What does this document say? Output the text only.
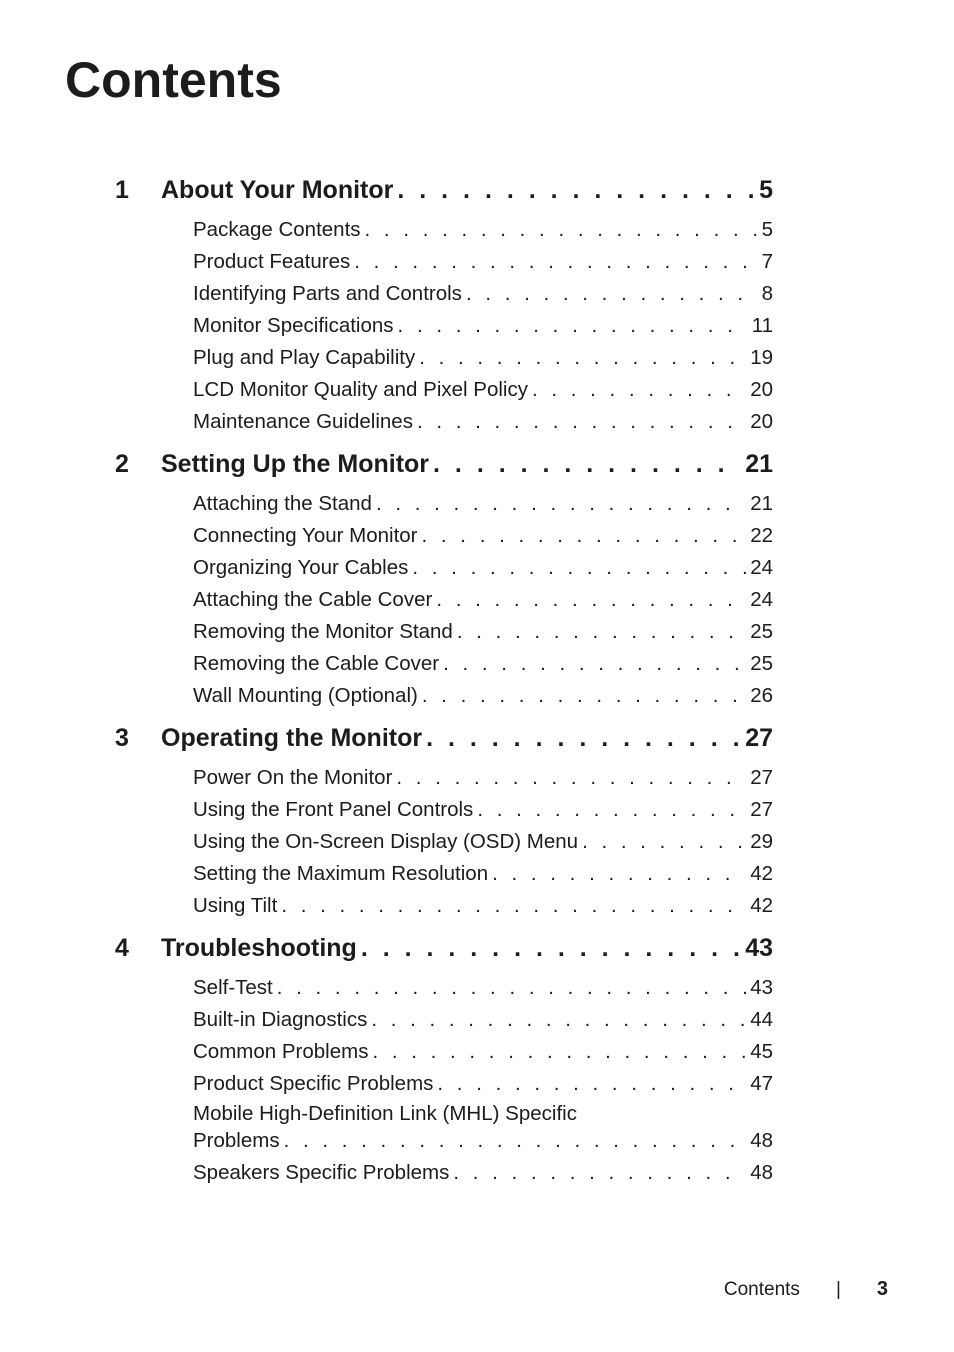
Contents
1	About Your Monitor . . .	5
Package Contents . . .	5
Product Features . . .	7
Identifying Parts and Controls . . .	8
Monitor Specifications . . .	11
Plug and Play Capability . . .	19
LCD Monitor Quality and Pixel Policy . . .	20
Maintenance Guidelines . . .	20
2	Setting Up the Monitor . . .	21
Attaching the Stand . . .	21
Connecting Your Monitor . . .	22
Organizing Your Cables . . .	24
Attaching the Cable Cover . . .	24
Removing the Monitor Stand . . .	25
Removing the Cable Cover . . .	25
Wall Mounting (Optional) . . .	26
3	Operating the Monitor . . .	27
Power On the Monitor . . .	27
Using the Front Panel Controls . . .	27
Using the On-Screen Display (OSD) Menu . . .	29
Setting the Maximum Resolution . . .	42
Using Tilt . . .	42
4	Troubleshooting . . .	43
Self-Test . . .	43
Built-in Diagnostics . . .	44
Common Problems . . .	45
Product Specific Problems . . .	47
Mobile High-Definition Link (MHL) Specific
Problems . . .	48
Speakers Specific Problems . . .	48
Contents | 3
